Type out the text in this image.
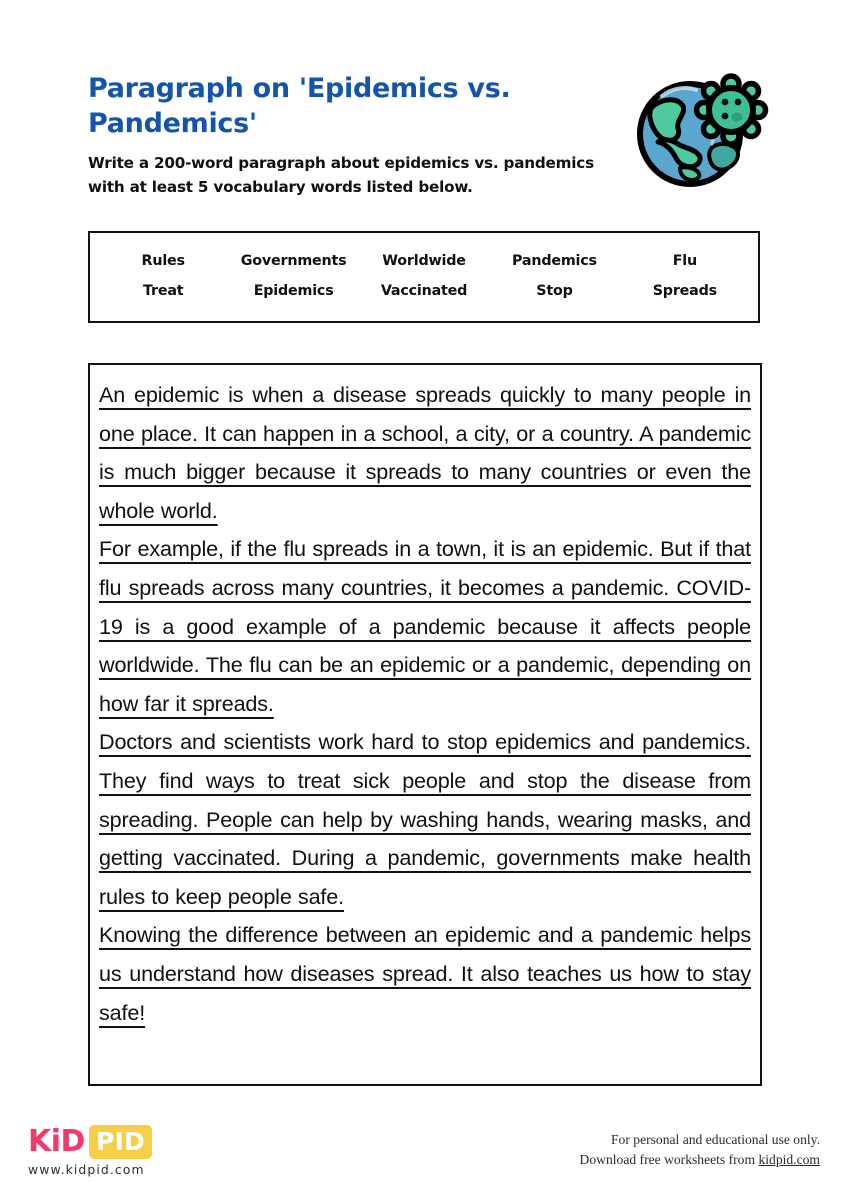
Paragraph on 'Epidemics vs. Pandemics'

Write a 200-word paragraph about epidemics vs. pandemics with at least 5 vocabulary words listed below.

Rules	Governments	Worldwide	Pandemics	Flu
Treat	Epidemics	Vaccinated	Stop	Spreads

An epidemic is when a disease spreads quickly to many people in one place. It can happen in a school, a city, or a country. A pandemic is much bigger because it spreads to many countries or even the whole world.

For example, if the flu spreads in a town, it is an epidemic. But if that flu spreads across many countries, it becomes a pandemic. COVID-19 is a good example of a pandemic because it affects people worldwide. The flu can be an epidemic or a pandemic, depending on how far it spreads.

Doctors and scientists work hard to stop epidemics and pandemics. They find ways to treat sick people and stop the disease from spreading. People can help by washing hands, wearing masks, and getting vaccinated. During a pandemic, governments make health rules to keep people safe.

Knowing the difference between an epidemic and a pandemic helps us understand how diseases spread. It also teaches us how to stay safe!

KiD PID
www.kidpid.com
For personal and educational use only.
Download free worksheets from kidpid.com
